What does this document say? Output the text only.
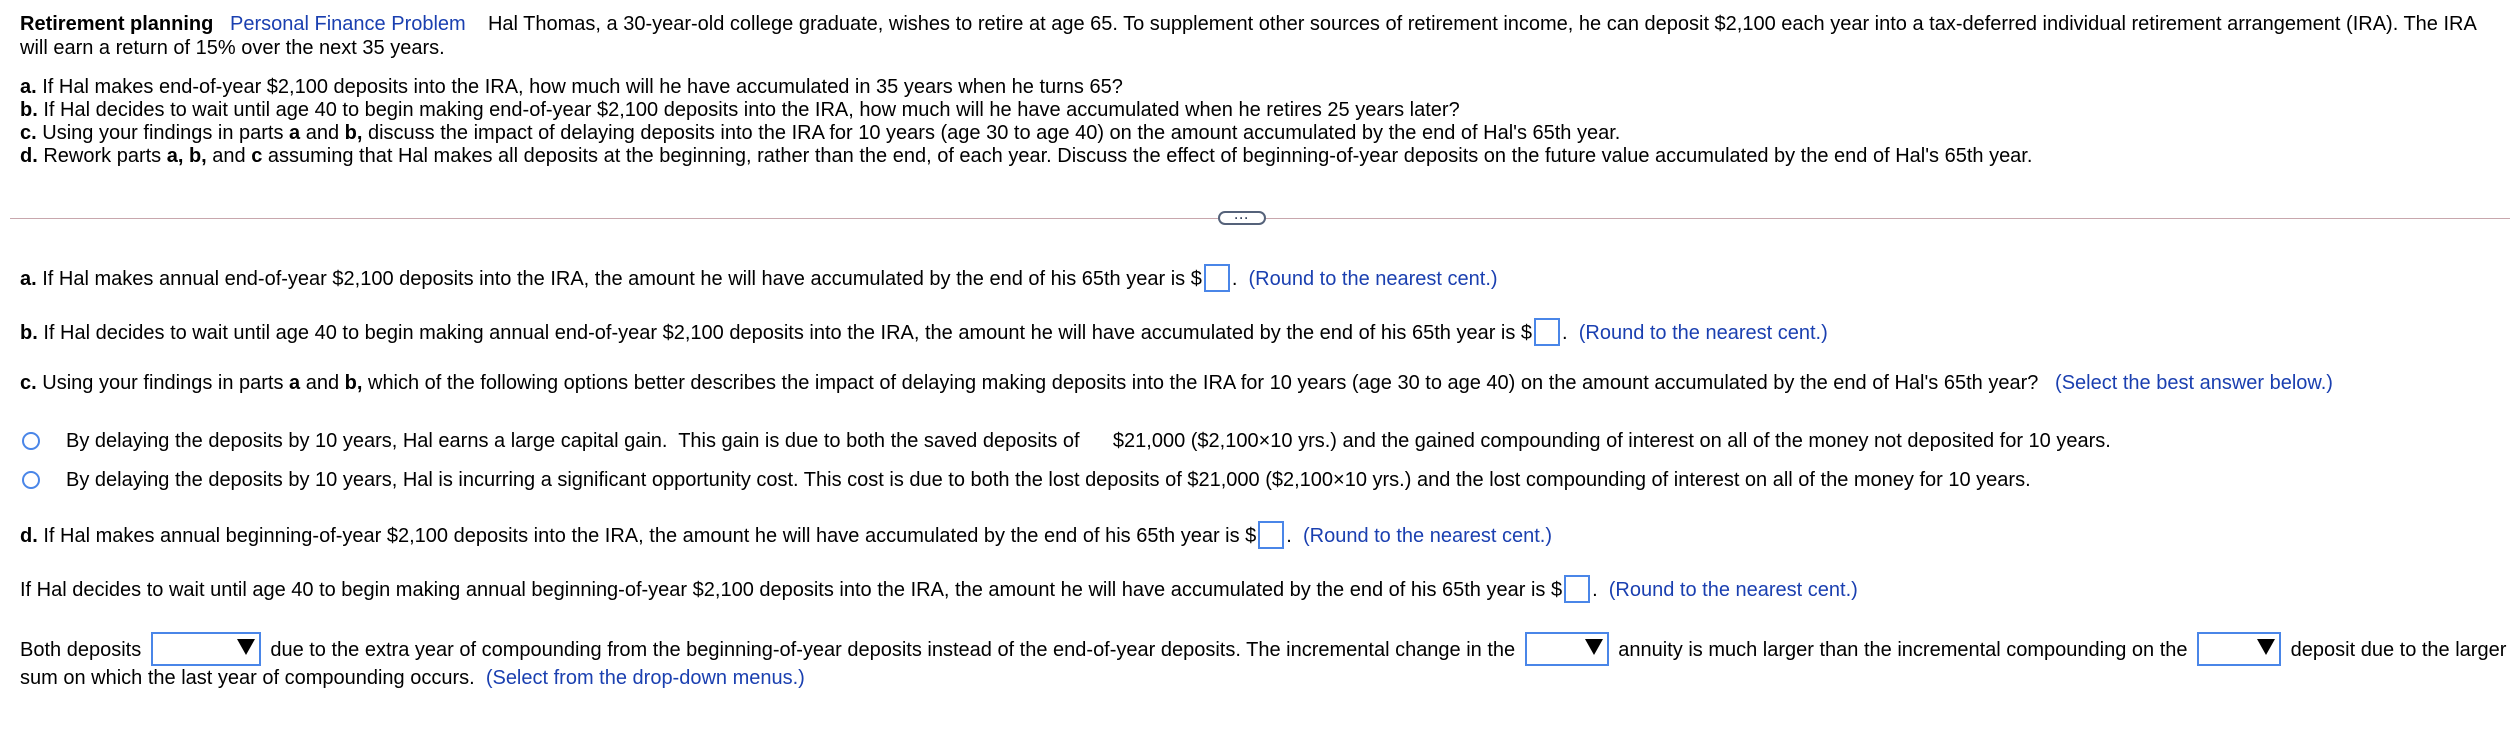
Retirement planning Personal Finance Problem Hal Thomas, a 30-year-old college graduate, wishes to retire at age 65. To supplement other sources of retirement income, he can deposit $2,100 each year into a tax-deferred individual retirement arrangement (IRA). The IRA
will earn a return of 15% over the next 35 years.

a. If Hal makes end-of-year $2,100 deposits into the IRA, how much will he have accumulated in 35 years when he turns 65?
b. If Hal decides to wait until age 40 to begin making end-of-year $2,100 deposits into the IRA, how much will he have accumulated when he retires 25 years later?
c. Using your findings in parts a and b, discuss the impact of delaying deposits into the IRA for 10 years (age 30 to age 40) on the amount accumulated by the end of Hal's 65th year.
d. Rework parts a, b, and c assuming that Hal makes all deposits at the beginning, rather than the end, of each year. Discuss the effect of beginning-of-year deposits on the future value accumulated by the end of Hal's 65th year.
···
a. If Hal makes annual end-of-year $2,100 deposits into the IRA, the amount he will have accumulated by the end of his 65th year is $ .  (Round to the nearest cent.)
b. If Hal decides to wait until age 40 to begin making annual end-of-year $2,100 deposits into the IRA, the amount he will have accumulated by the end of his 65th year is $ .  (Round to the nearest cent.)
c. Using your findings in parts a and b, which of the following options better describes the impact of delaying making deposits into the IRA for 10 years (age 30 to age 40) on the amount accumulated by the end of Hal's 65th year? (Select the best answer below.)
By delaying the deposits by 10 years, Hal earns a large capital gain.  This gain is due to both the saved deposits of      $21,000 ($2,100×10 yrs.) and the gained compounding of interest on all of the money not deposited for 10 years.
By delaying the deposits by 10 years, Hal is incurring a significant opportunity cost. This cost is due to both the lost deposits of $21,000 ($2,100×10 yrs.) and the lost compounding of interest on all of the money for 10 years.
d. If Hal makes annual beginning-of-year $2,100 deposits into the IRA, the amount he will have accumulated by the end of his 65th year is $ .  (Round to the nearest cent.)
If Hal decides to wait until age 40 to begin making annual beginning-of-year $2,100 deposits into the IRA, the amount he will have accumulated by the end of his 65th year is $ .  (Round to the nearest cent.)
Both deposits	due to the extra year of compounding from the beginning-of-year deposits instead of the end-of-year deposits. The incremental change in the	annuity is much larger than the incremental compounding on the	deposit due to the larger
sum on which the last year of compounding occurs. (Select from the drop-down menus.)
